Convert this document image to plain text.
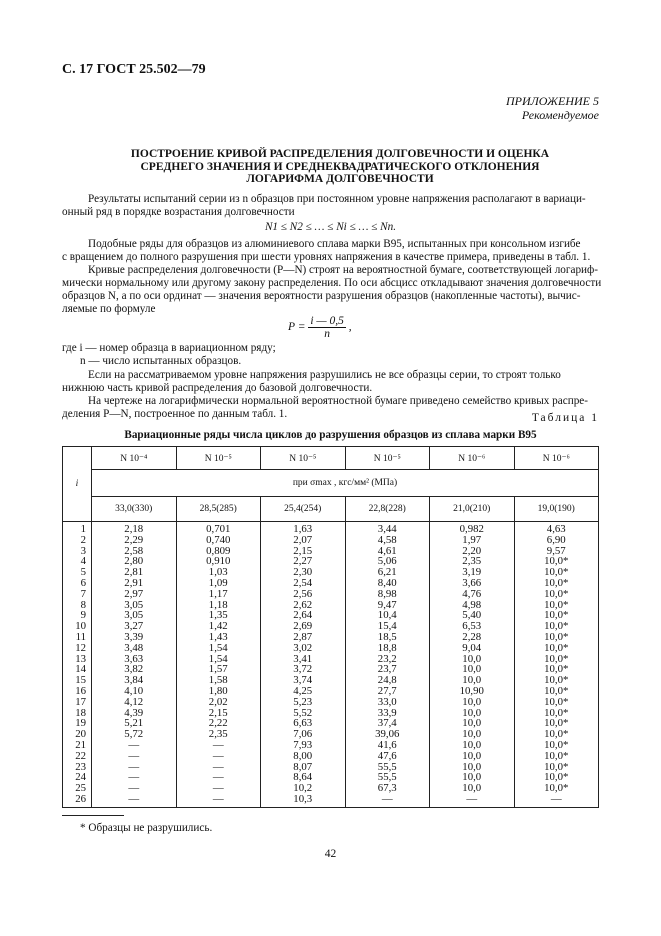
С. 17 ГОСТ 25.502—79
ПРИЛОЖЕНИЕ 5
Рекомендуемое
ПОСТРОЕНИЕ КРИВОЙ РАСПРЕДЕЛЕНИЯ ДОЛГОВЕЧНОСТИ И ОЦЕНКА
СРЕДНЕГО ЗНАЧЕНИЯ И СРЕДНЕКВАДРАТИЧЕСКОГО ОТКЛОНЕНИЯ
ЛОГАРИФМА ДОЛГОВЕЧНОСТИ
Результаты испытаний серии из n образцов при постоянном уровне напряжения располагают в вариаци-
онный ряд в порядке возрастания долговечности
N1 ≤ N2 ≤ … ≤ Ni ≤ … ≤ Nn.
Подобные ряды для образцов из алюминиевого сплава марки В95, испытанных при консольном изгибе
с вращением до полного разрушения при шести уровнях напряжения в качестве примера, приведены в табл. 1.
Кривые распределения долговечности (P—N) строят на вероятностной бумаге, соответствующей логариф-
мически нормальному или другому закону распределения. По оси абсцисс откладывают значения долговечности
образцов N, а по оси ординат — значения вероятности разрушения образцов (накопленные частоты), вычис-
ляемые по формуле
$P = \frac{i — 0,5}{n}$ ,
где i — номер образца в вариационном ряду;
n — число испытанных образцов.
Если на рассматриваемом уровне напряжения разрушились не все образцы серии, то строят только
нижнюю часть кривой распределения до базовой долговечности.
На чертеже на логарифмически нормальной вероятностной бумаге приведено семейство кривых распре-
деления P—N, построенное по данным табл. 1.	Таблица 1
Вариационные ряды числа циклов до разрушения образцов из сплава марки В95
i	N 10⁻⁴	N 10⁻⁵	N 10⁻⁵	N 10⁻⁵	N 10⁻⁶	N 10⁻⁶
	при σmax , кгс/мм² (МПа)					
	33,0(330)	28,5(285)	25,4(254)	22,8(228)	21,0(210)	19,0(190)
1	2,18	0,701	1,63	3,44	0,982	4,63
2	2,29	0,740	2,07	4,58	1,97	6,90
3	2,58	0,809	2,15	4,61	2,20	9,57
4	2,80	0,910	2,27	5,06	2,35	10,0*
5	2,81	1,03	2,30	6,21	3,19	10,0*
6	2,91	1,09	2,54	8,40	3,66	10,0*
7	2,97	1,17	2,56	8,98	4,76	10,0*
8	3,05	1,18	2,62	9,47	4,98	10,0*
9	3,05	1,35	2,64	10,4	5,40	10,0*
10	3,27	1,42	2,69	15,4	6,53	10,0*
11	3,39	1,43	2,87	18,5	2,28	10,0*
12	3,48	1,54	3,02	18,8	9,04	10,0*
13	3,63	1,54	3,41	23,2	10,0	10,0*
14	3,82	1,57	3,72	23,7	10,0	10,0*
15	3,84	1,58	3,74	24,8	10,0	10,0*
16	4,10	1,80	4,25	27,7	10,90	10,0*
17	4,12	2,02	5,23	33,0	10,0	10,0*
18	4,39	2,15	5,52	33,9	10,0	10,0*
19	5,21	2,22	6,63	37,4	10,0	10,0*
20	5,72	2,35	7,06	39,06	10,0	10,0*
21	—	—	7,93	41,6	10,0	10,0*
22	—	—	8,00	47,6	10,0	10,0*
23	—	—	8,07	55,5	10,0	10,0*
24	—	—	8,64	55,5	10,0	10,0*
25	—	—	10,2	67,3	10,0	10,0*
26	—	—	10,3	—	—	—
* Образцы не разрушились.
42
